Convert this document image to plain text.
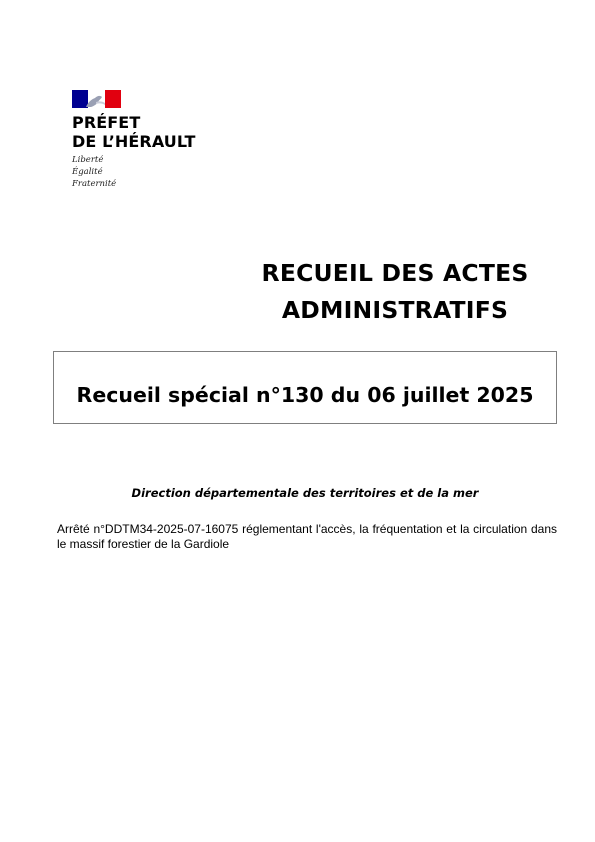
PRÉFET
DE L’HÉRAULT
Liberté
Égalité
Fraternité
RECUEIL DES ACTES
ADMINISTRATIFS
Recueil spécial n°130 du 06 juillet 2025
Direction départementale des territoires et de la mer
Arrêté n°DDTM34-2025-07-16075 réglementant l'accès, la fréquentation et la circulation dans le massif forestier de la Gardiole
